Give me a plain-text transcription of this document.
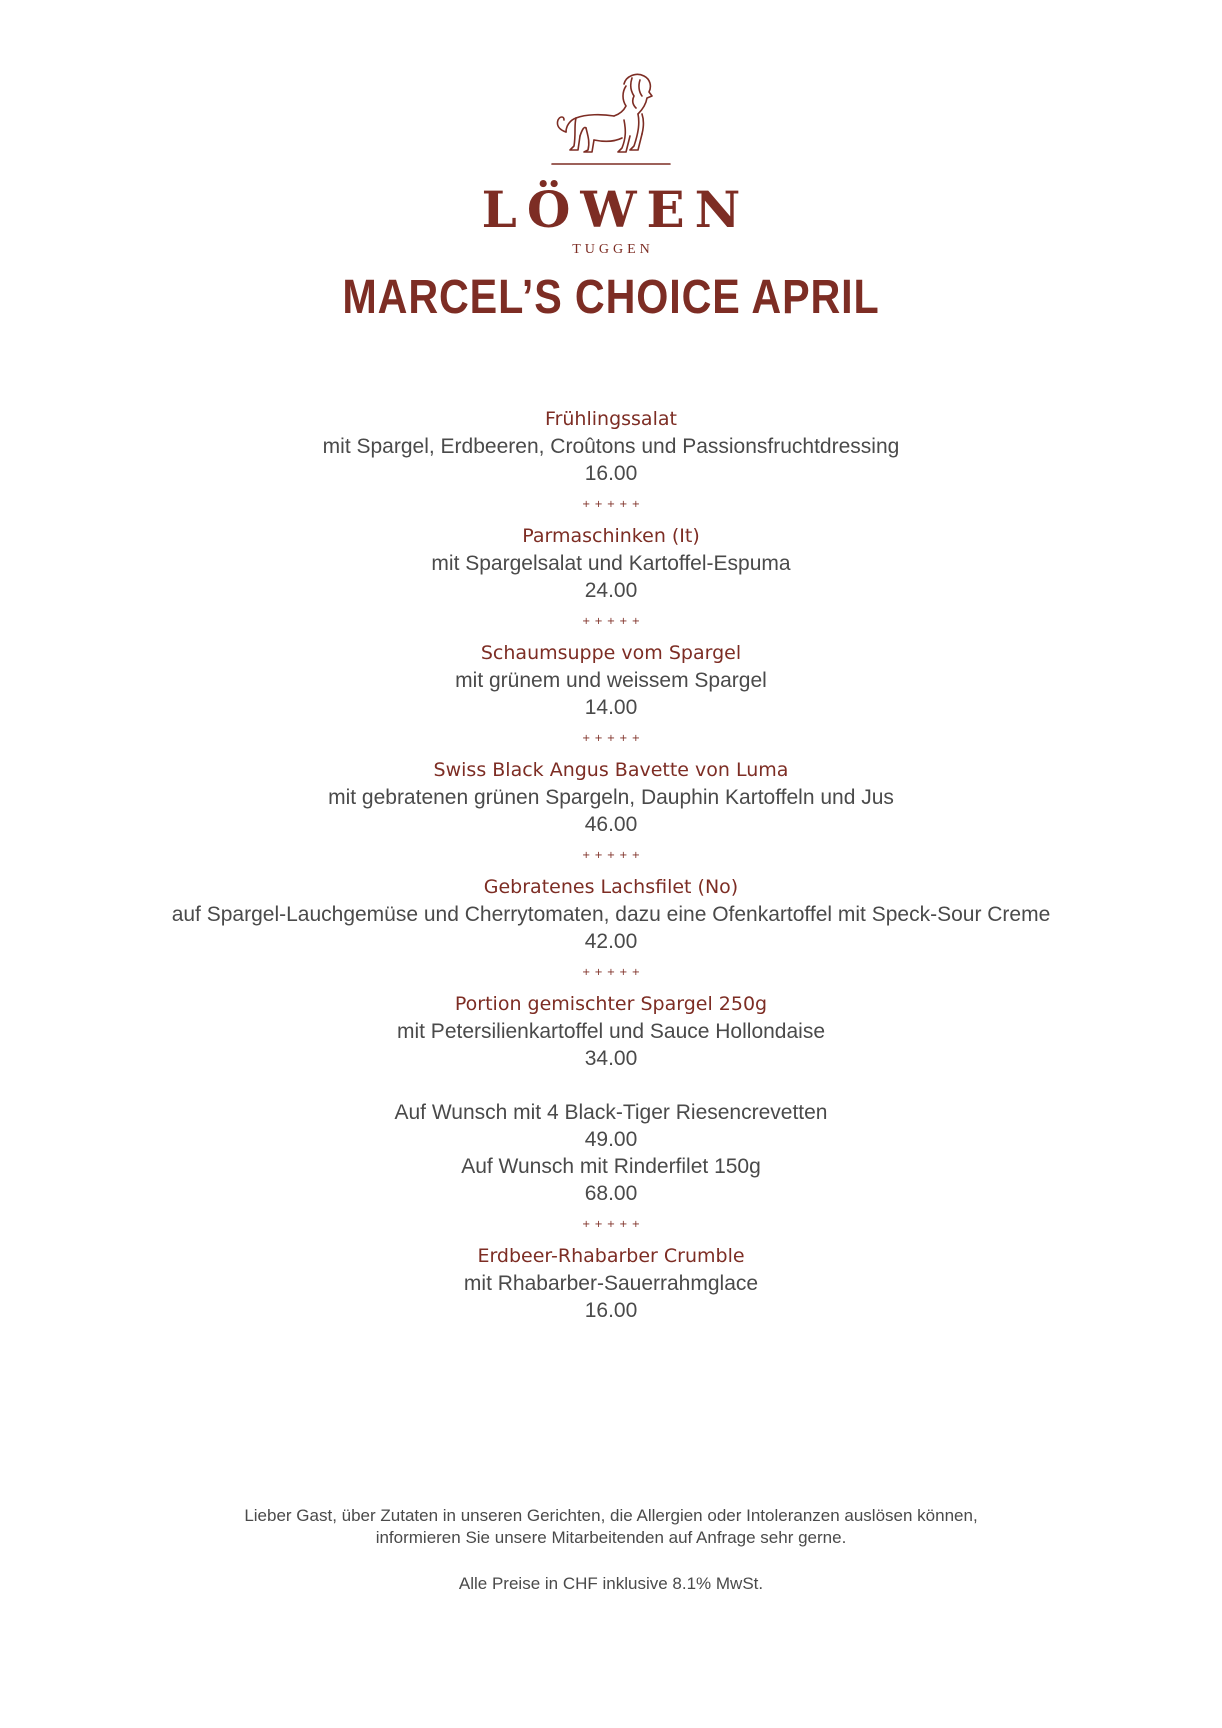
LÖWEN
TUGGEN
MARCEL’S CHOICE APRIL
Frühlingssalat
mit Spargel, Erdbeeren, Croûtons und Passionsfruchtdressing
16.00
+++++
Parmaschinken (It)
mit Spargelsalat und Kartoffel-Espuma
24.00
+++++
Schaumsuppe vom Spargel
mit grünem und weissem Spargel
14.00
+++++
Swiss Black Angus Bavette von Luma
mit gebratenen grünen Spargeln, Dauphin Kartoffeln und Jus
46.00
+++++
Gebratenes Lachsfilet (No)
auf Spargel-Lauchgemüse und Cherrytomaten, dazu eine Ofenkartoffel mit Speck-Sour Creme
42.00
+++++
Portion gemischter Spargel 250g
mit Petersilienkartoffel und Sauce Hollondaise
34.00
Auf Wunsch mit 4 Black-Tiger Riesencrevetten
49.00
Auf Wunsch mit Rinderfilet 150g
68.00
+++++
Erdbeer-Rhabarber Crumble
mit Rhabarber-Sauerrahmglace
16.00
Lieber Gast, über Zutaten in unseren Gerichten, die Allergien oder Intoleranzen auslösen können,
informieren Sie unsere Mitarbeitenden auf Anfrage sehr gerne.
Alle Preise in CHF inklusive 8.1% MwSt.
